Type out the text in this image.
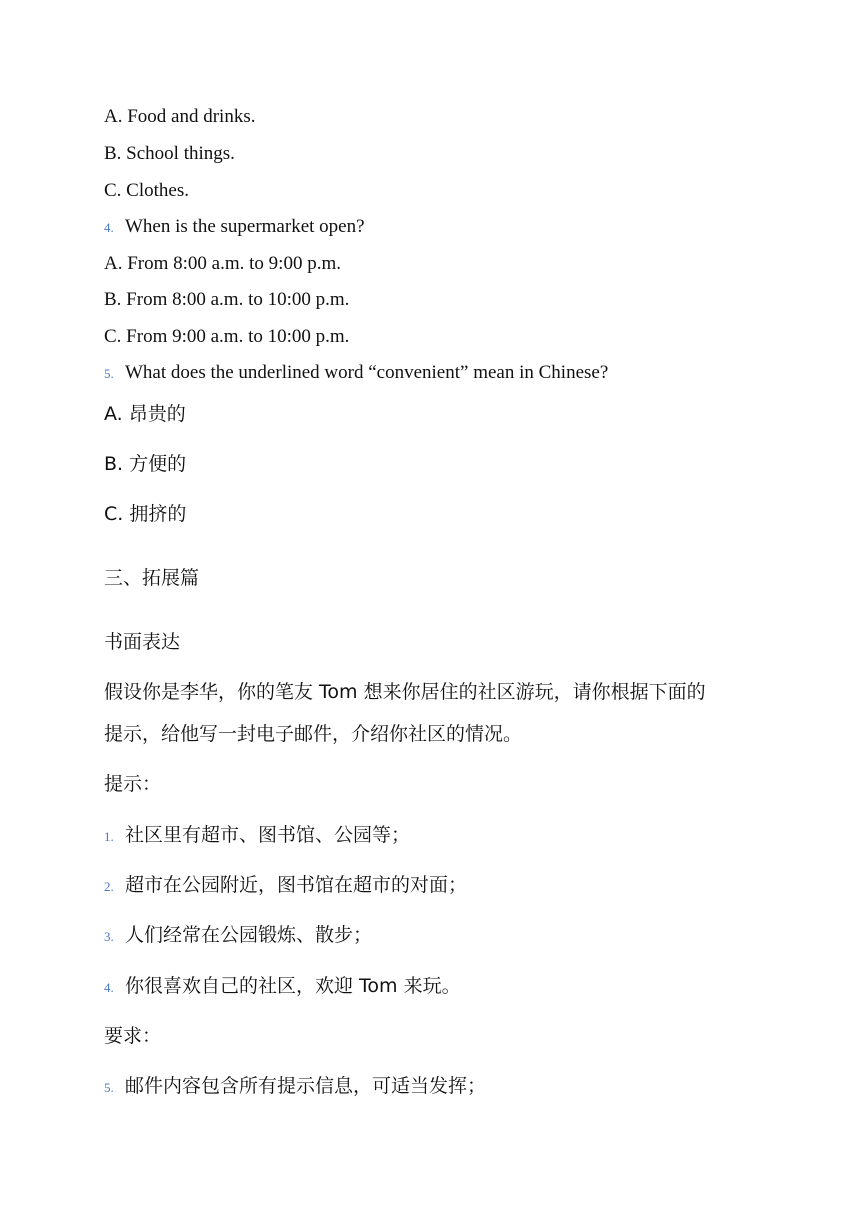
A. Food and drinks.
B. School things.
C. Clothes.
4. When is the supermarket open?
A. From 8:00 a.m. to 9:00 p.m.
B. From 8:00 a.m. to 10:00 p.m.
C. From 9:00 a.m. to 10:00 p.m.
5. What does the underlined word “convenient” mean in Chinese?
A. 昂贵的
B. 方便的
C. 拥挤的
三、拓展篇
书面表达
假设你是李华，你的笔友 Tom 想来你居住的社区游玩，请你根据下面的
提示，给他写一封电子邮件，介绍你社区的情况。
提示：
1. 社区里有超市、图书馆、公园等；
2. 超市在公园附近，图书馆在超市的对面；
3. 人们经常在公园锻炼、散步；
4. 你很喜欢自己的社区，欢迎 Tom 来玩。
要求：
5. 邮件内容包含所有提示信息，可适当发挥；
